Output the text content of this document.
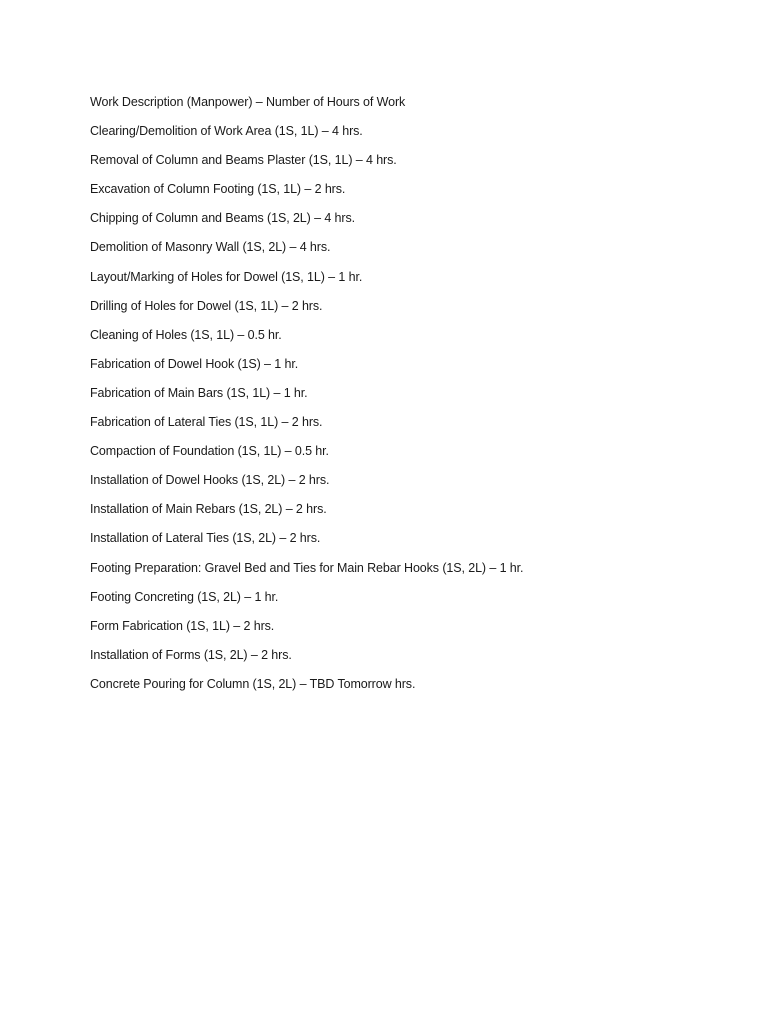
Work Description (Manpower) – Number of Hours of Work
Clearing/Demolition of Work Area (1S, 1L) – 4 hrs.
Removal of Column and Beams Plaster (1S, 1L) – 4 hrs.
Excavation of Column Footing (1S, 1L) – 2 hrs.
Chipping of Column and Beams (1S, 2L) – 4 hrs.
Demolition of Masonry Wall (1S, 2L) – 4 hrs.
Layout/Marking of Holes for Dowel (1S, 1L) – 1 hr.
Drilling of Holes for Dowel (1S, 1L) – 2 hrs.
Cleaning of Holes (1S, 1L) – 0.5 hr.
Fabrication of Dowel Hook (1S) – 1 hr.
Fabrication of Main Bars (1S, 1L) – 1 hr.
Fabrication of Lateral Ties (1S, 1L) – 2 hrs.
Compaction of Foundation (1S, 1L) – 0.5 hr.
Installation of Dowel Hooks (1S, 2L) – 2 hrs.
Installation of Main Rebars (1S, 2L) – 2 hrs.
Installation of Lateral Ties (1S, 2L) – 2 hrs.
Footing Preparation: Gravel Bed and Ties for Main Rebar Hooks (1S, 2L) – 1 hr.
Footing Concreting (1S, 2L) – 1 hr.
Form Fabrication (1S, 1L) – 2 hrs.
Installation of Forms (1S, 2L) – 2 hrs.
Concrete Pouring for Column (1S, 2L) – TBD Tomorrow hrs.
